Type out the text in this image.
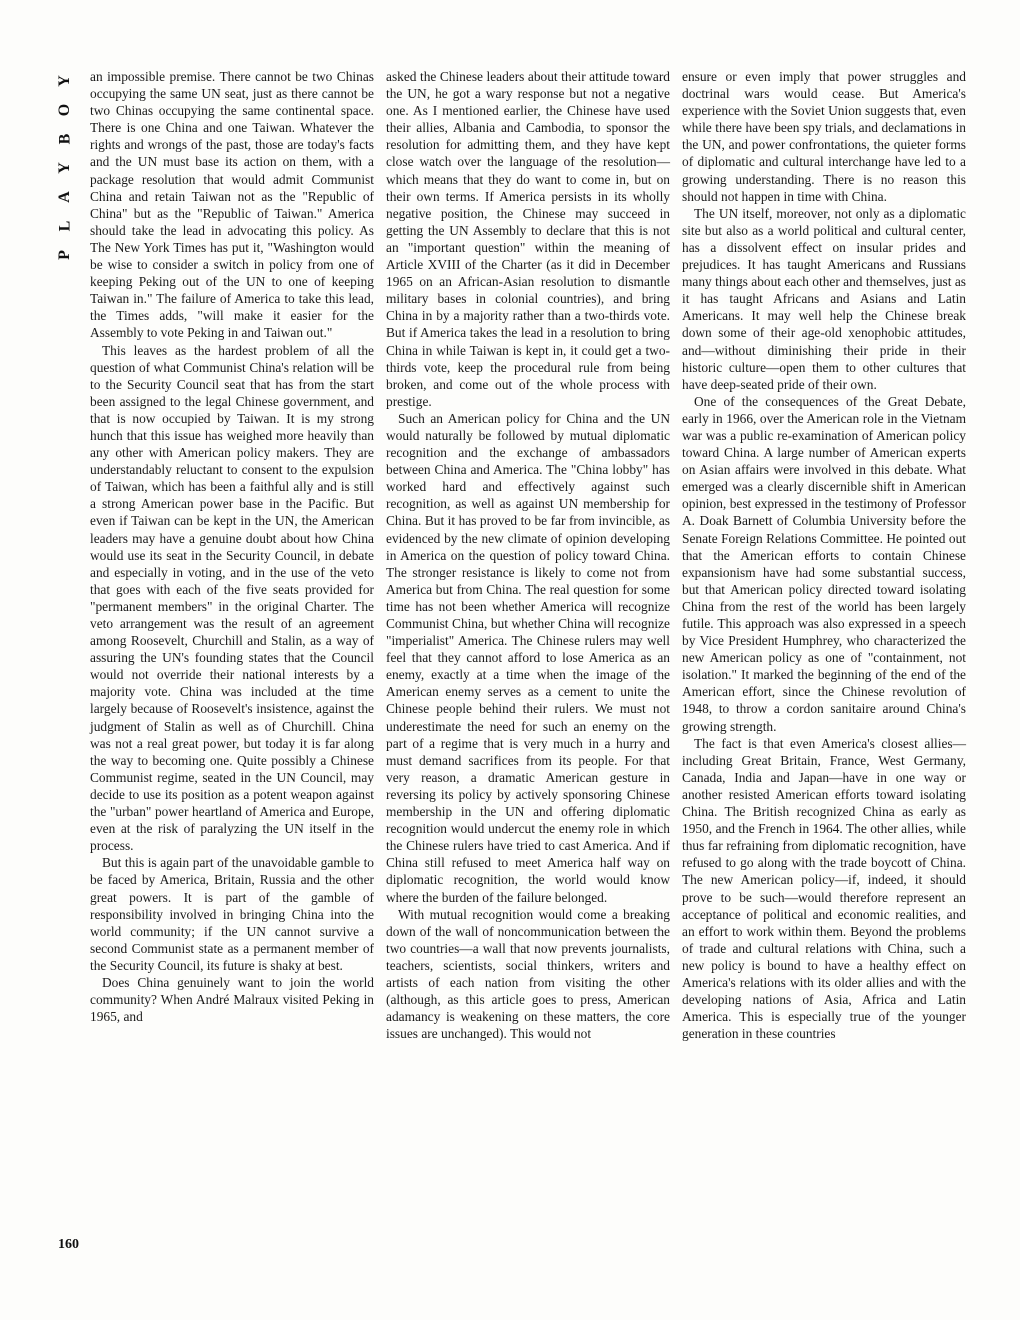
Y
O
B
Y
A
L
P

an impossible premise. There cannot be two Chinas occupying the same UN seat, just as there cannot be two Chinas occupying the same continental space. There is one China and one Taiwan. Whatever the rights and wrongs of the past, those are today's facts and the UN must base its action on them, with a package resolution that would admit Communist China and retain Taiwan not as the "Republic of China" but as the "Republic of Taiwan." America should take the lead in advocating this policy. As The New York Times has put it, "Washington would be wise to consider a switch in policy from one of keeping Peking out of the UN to one of keeping Taiwan in." The failure of America to take this lead, the Times adds, "will make it easier for the Assembly to vote Peking in and Taiwan out."

This leaves as the hardest problem of all the question of what Communist China's relation will be to the Security Council seat that has from the start been assigned to the legal Chinese government, and that is now occupied by Taiwan. It is my strong hunch that this issue has weighed more heavily than any other with American policy makers. They are understandably reluctant to consent to the expulsion of Taiwan, which has been a faithful ally and is still a strong American power base in the Pacific. But even if Taiwan can be kept in the UN, the American leaders may have a genuine doubt about how China would use its seat in the Security Council, in debate and especially in voting, and in the use of the veto that goes with each of the five seats provided for "permanent members" in the original Charter. The veto arrangement was the result of an agreement among Roosevelt, Churchill and Stalin, as a way of assuring the UN's founding states that the Council would not override their national interests by a majority vote. China was included at the time largely because of Roosevelt's insistence, against the judgment of Stalin as well as of Churchill. China was not a real great power, but today it is far along the way to becoming one. Quite possibly a Chinese Communist regime, seated in the UN Council, may decide to use its position as a potent weapon against the "urban" power heartland of America and Europe, even at the risk of paralyzing the UN itself in the process.

But this is again part of the unavoidable gamble to be faced by America, Britain, Russia and the other great powers. It is part of the gamble of responsibility involved in bringing China into the world community; if the UN cannot survive a second Communist state as a permanent member of the Security Council, its future is shaky at best.

Does China genuinely want to join the world community? When André Malraux visited Peking in 1965, and

asked the Chinese leaders about their attitude toward the UN, he got a wary response but not a negative one. As I mentioned earlier, the Chinese have used their allies, Albania and Cambodia, to sponsor the resolution for admitting them, and they have kept close watch over the language of the resolution—which means that they do want to come in, but on their own terms. If America persists in its wholly negative position, the Chinese may succeed in getting the UN Assembly to declare that this is not an "important question" within the meaning of Article XVIII of the Charter (as it did in December 1965 on an African-Asian resolution to dismantle military bases in colonial countries), and bring China in by a majority rather than a two-thirds vote. But if America takes the lead in a resolution to bring China in while Taiwan is kept in, it could get a two-thirds vote, keep the procedural rule from being broken, and come out of the whole process with prestige.

Such an American policy for China and the UN would naturally be followed by mutual diplomatic recognition and the exchange of ambassadors between China and America. The "China lobby" has worked hard and effectively against such recognition, as well as against UN membership for China. But it has proved to be far from invincible, as evidenced by the new climate of opinion developing in America on the question of policy toward China. The stronger resistance is likely to come not from America but from China. The real question for some time has not been whether America will recognize Communist China, but whether China will recognize "imperialist" America. The Chinese rulers may well feel that they cannot afford to lose America as an enemy, exactly at a time when the image of the American enemy serves as a cement to unite the Chinese people behind their rulers. We must not underestimate the need for such an enemy on the part of a regime that is very much in a hurry and must demand sacrifices from its people. For that very reason, a dramatic American gesture in reversing its policy by actively sponsoring Chinese membership in the UN and offering diplomatic recognition would undercut the enemy role in which the Chinese rulers have tried to cast America. And if China still refused to meet America half way on diplomatic recognition, the world would know where the burden of the failure belonged.

With mutual recognition would come a breaking down of the wall of noncommunication between the two countries—a wall that now prevents journalists, teachers, scientists, social thinkers, writers and artists of each nation from visiting the other (although, as this article goes to press, American adamancy is weakening on these matters, the core issues are unchanged). This would not

ensure or even imply that power struggles and doctrinal wars would cease. But America's experience with the Soviet Union suggests that, even while there have been spy trials, and declamations in the UN, and power confrontations, the quieter forms of diplomatic and cultural interchange have led to a growing understanding. There is no reason this should not happen in time with China.

The UN itself, moreover, not only as a diplomatic site but also as a world political and cultural center, has a dissolvent effect on insular prides and prejudices. It has taught Americans and Russians many things about each other and themselves, just as it has taught Africans and Asians and Latin Americans. It may well help the Chinese break down some of their age-old xenophobic attitudes, and—without diminishing their pride in their historic culture—open them to other cultures that have deep-seated pride of their own.

One of the consequences of the Great Debate, early in 1966, over the American role in the Vietnam war was a public re-examination of American policy toward China. A large number of American experts on Asian affairs were involved in this debate. What emerged was a clearly discernible shift in American opinion, best expressed in the testimony of Professor A. Doak Barnett of Columbia University before the Senate Foreign Relations Committee. He pointed out that the American efforts to contain Chinese expansionism have had some substantial success, but that American policy directed toward isolating China from the rest of the world has been largely futile. This approach was also expressed in a speech by Vice President Humphrey, who characterized the new American policy as one of "containment, not isolation." It marked the beginning of the end of the American effort, since the Chinese revolution of 1948, to throw a cordon sanitaire around China's growing strength.

The fact is that even America's closest allies—including Great Britain, France, West Germany, Canada, India and Japan—have in one way or another resisted American efforts toward isolating China. The British recognized China as early as 1950, and the French in 1964. The other allies, while thus far refraining from diplomatic recognition, have refused to go along with the trade boycott of China. The new American policy—if, indeed, it should prove to be such—would therefore represent an acceptance of political and economic realities, and an effort to work within them. Beyond the problems of trade and cultural relations with China, such a new policy is bound to have a healthy effect on America's relations with its older allies and with the developing nations of Asia, Africa and Latin America. This is especially true of the younger generation in these countries

160
